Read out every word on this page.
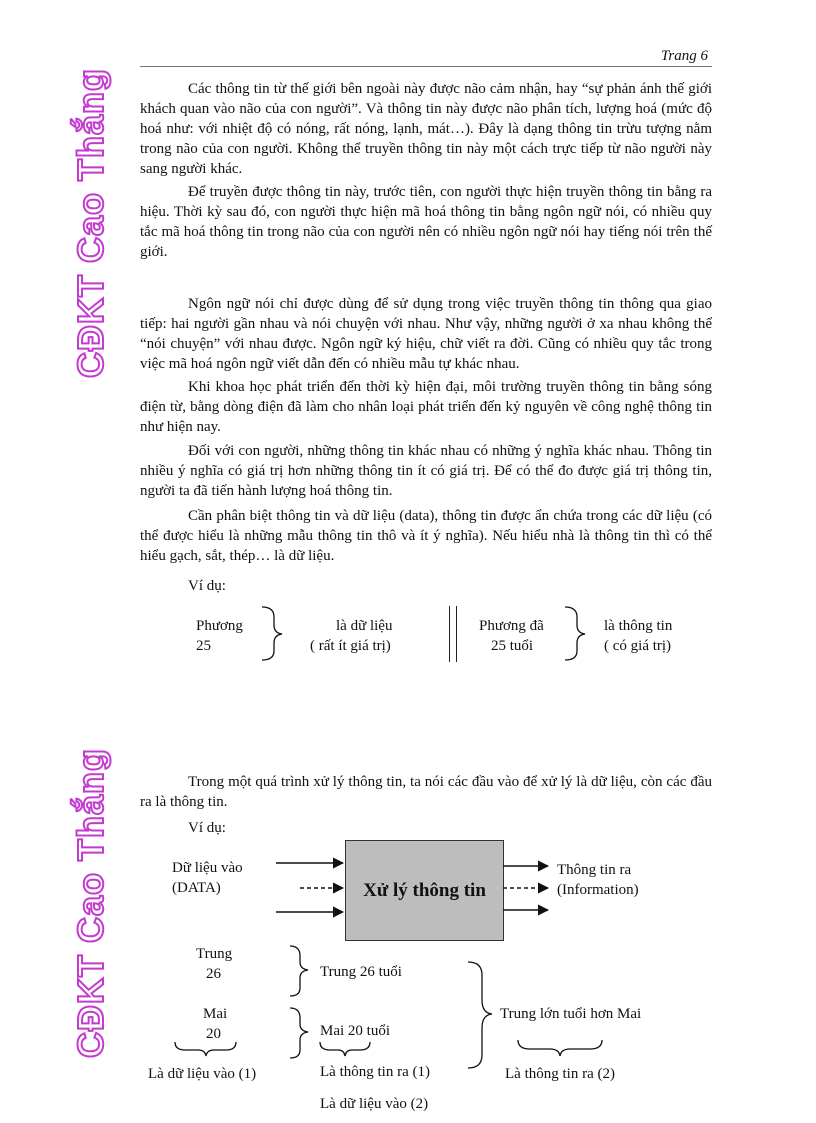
Trang 6
CĐKT Cao Thắng
CĐKT Cao Thắng

Các thông tin từ thế giới bên ngoài này được não cảm nhận, hay “sự phản ánh thế giới khách quan vào não của con người”. Và thông tin này được não phân tích, lượng hoá (mức độ hoá như: với nhiệt độ có nóng, rất nóng, lạnh, mát…). Đây là dạng thông tin trừu tượng nằm trong não của con người. Không thể truyền thông tin này một cách trực tiếp từ não người này sang người khác.

Để truyền được thông tin này, trước tiên, con người thực hiện truyền thông tin bằng ra hiệu. Thời kỳ sau đó, con người thực hiện mã hoá thông tin bằng ngôn ngữ nói, có nhiều quy tắc mã hoá thông tin trong não của con người nên có nhiều ngôn ngữ nói hay tiếng nói trên thế giới.

Ngôn ngữ nói chỉ được dùng để sử dụng trong việc truyền thông tin thông qua giao tiếp: hai người gần nhau và nói chuyện với nhau. Như vậy, những người ở xa nhau không thể “nói chuyện” với nhau được. Ngôn ngữ ký hiệu, chữ viết ra đời. Cũng có nhiều quy tắc trong việc mã hoá ngôn ngữ viết dẫn đến có nhiều mẫu tự khác nhau.

Khi khoa học phát triển đến thời kỳ hiện đại, môi trường truyền thông tin bằng sóng điện từ, bằng dòng điện đã làm cho nhân loại phát triển đến kỷ nguyên về công nghệ thông tin như hiện nay.

Đối với con người, những thông tin khác nhau có những ý nghĩa khác nhau. Thông tin nhiều ý nghĩa có giá trị hơn những thông tin ít có giá trị. Để có thể đo được giá trị thông tin, người ta đã tiến hành lượng hoá thông tin.

Cần phân biệt thông tin và dữ liệu (data), thông tin được ẩn chứa trong các dữ liệu (có thể được hiểu là những mẫu thông tin thô và ít ý nghĩa). Nếu hiểu nhà là thông tin thì có thể hiểu gạch, sắt, thép… là dữ liệu.

Ví dụ:
Phương
25
là dữ liệu
( rất ít giá trị)
Phương đã
25 tuổi
là thông tin
( có giá trị)

Trong một quá trình xử lý thông tin, ta nói các đầu vào để xử lý là dữ liệu, còn các đầu ra là thông tin.

Ví dụ:
Xử lý thông tin
Dữ liệu vào
(DATA)
Thông tin ra
(Information)
Trung
26	Trung 26 tuổi
Mai
20	Mai 20 tuổi
Trung lớn tuổi hơn Mai
Là dữ liệu vào (1)	Là thông tin ra (1)
Là dữ liệu vào (2)
Là thông tin ra (2)
